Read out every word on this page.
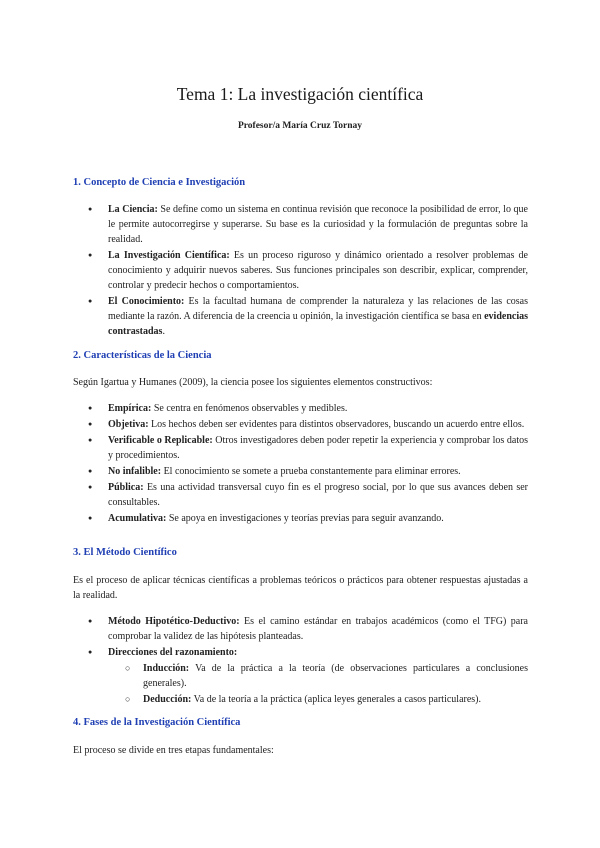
Tema 1: La investigación científica

Profesor/a María Cruz Tornay

1. Concepto de Ciencia e Investigación
● La Ciencia: Se define como un sistema en continua revisión que reconoce la posibilidad de error, lo que le permite autocorregirse y superarse. Su base es la curiosidad y la formulación de preguntas sobre la realidad.
● La Investigación Científica: Es un proceso riguroso y dinámico orientado a resolver problemas de conocimiento y adquirir nuevos saberes. Sus funciones principales son describir, explicar, comprender, controlar y predecir hechos o comportamientos.
● El Conocimiento: Es la facultad humana de comprender la naturaleza y las relaciones de las cosas mediante la razón. A diferencia de la creencia u opinión, la investigación científica se basa en evidencias contrastadas.
2. Características de la Ciencia

Según Igartua y Humanes (2009), la ciencia posee los siguientes elementos constructivos:

● Empírica: Se centra en fenómenos observables y medibles.
● Objetiva: Los hechos deben ser evidentes para distintos observadores, buscando un acuerdo entre ellos.
● Verificable o Replicable: Otros investigadores deben poder repetir la experiencia y comprobar los datos y procedimientos.
● No infalible: El conocimiento se somete a prueba constantemente para eliminar errores.
● Pública: Es una actividad transversal cuyo fin es el progreso social, por lo que sus avances deben ser consultables.
● Acumulativa: Se apoya en investigaciones y teorías previas para seguir avanzando.
3. El Método Científico

Es el proceso de aplicar técnicas científicas a problemas teóricos o prácticos para obtener respuestas ajustadas a la realidad.

● Método Hipotético-Deductivo: Es el camino estándar en trabajos académicos (como el TFG) para comprobar la validez de las hipótesis planteadas.
● Direcciones del razonamiento:
○ Inducción: Va de la práctica a la teoría (de observaciones particulares a conclusiones generales).
○ Deducción: Va de la teoría a la práctica (aplica leyes generales a casos particulares).
4. Fases de la Investigación Científica

El proceso se divide en tres etapas fundamentales:
